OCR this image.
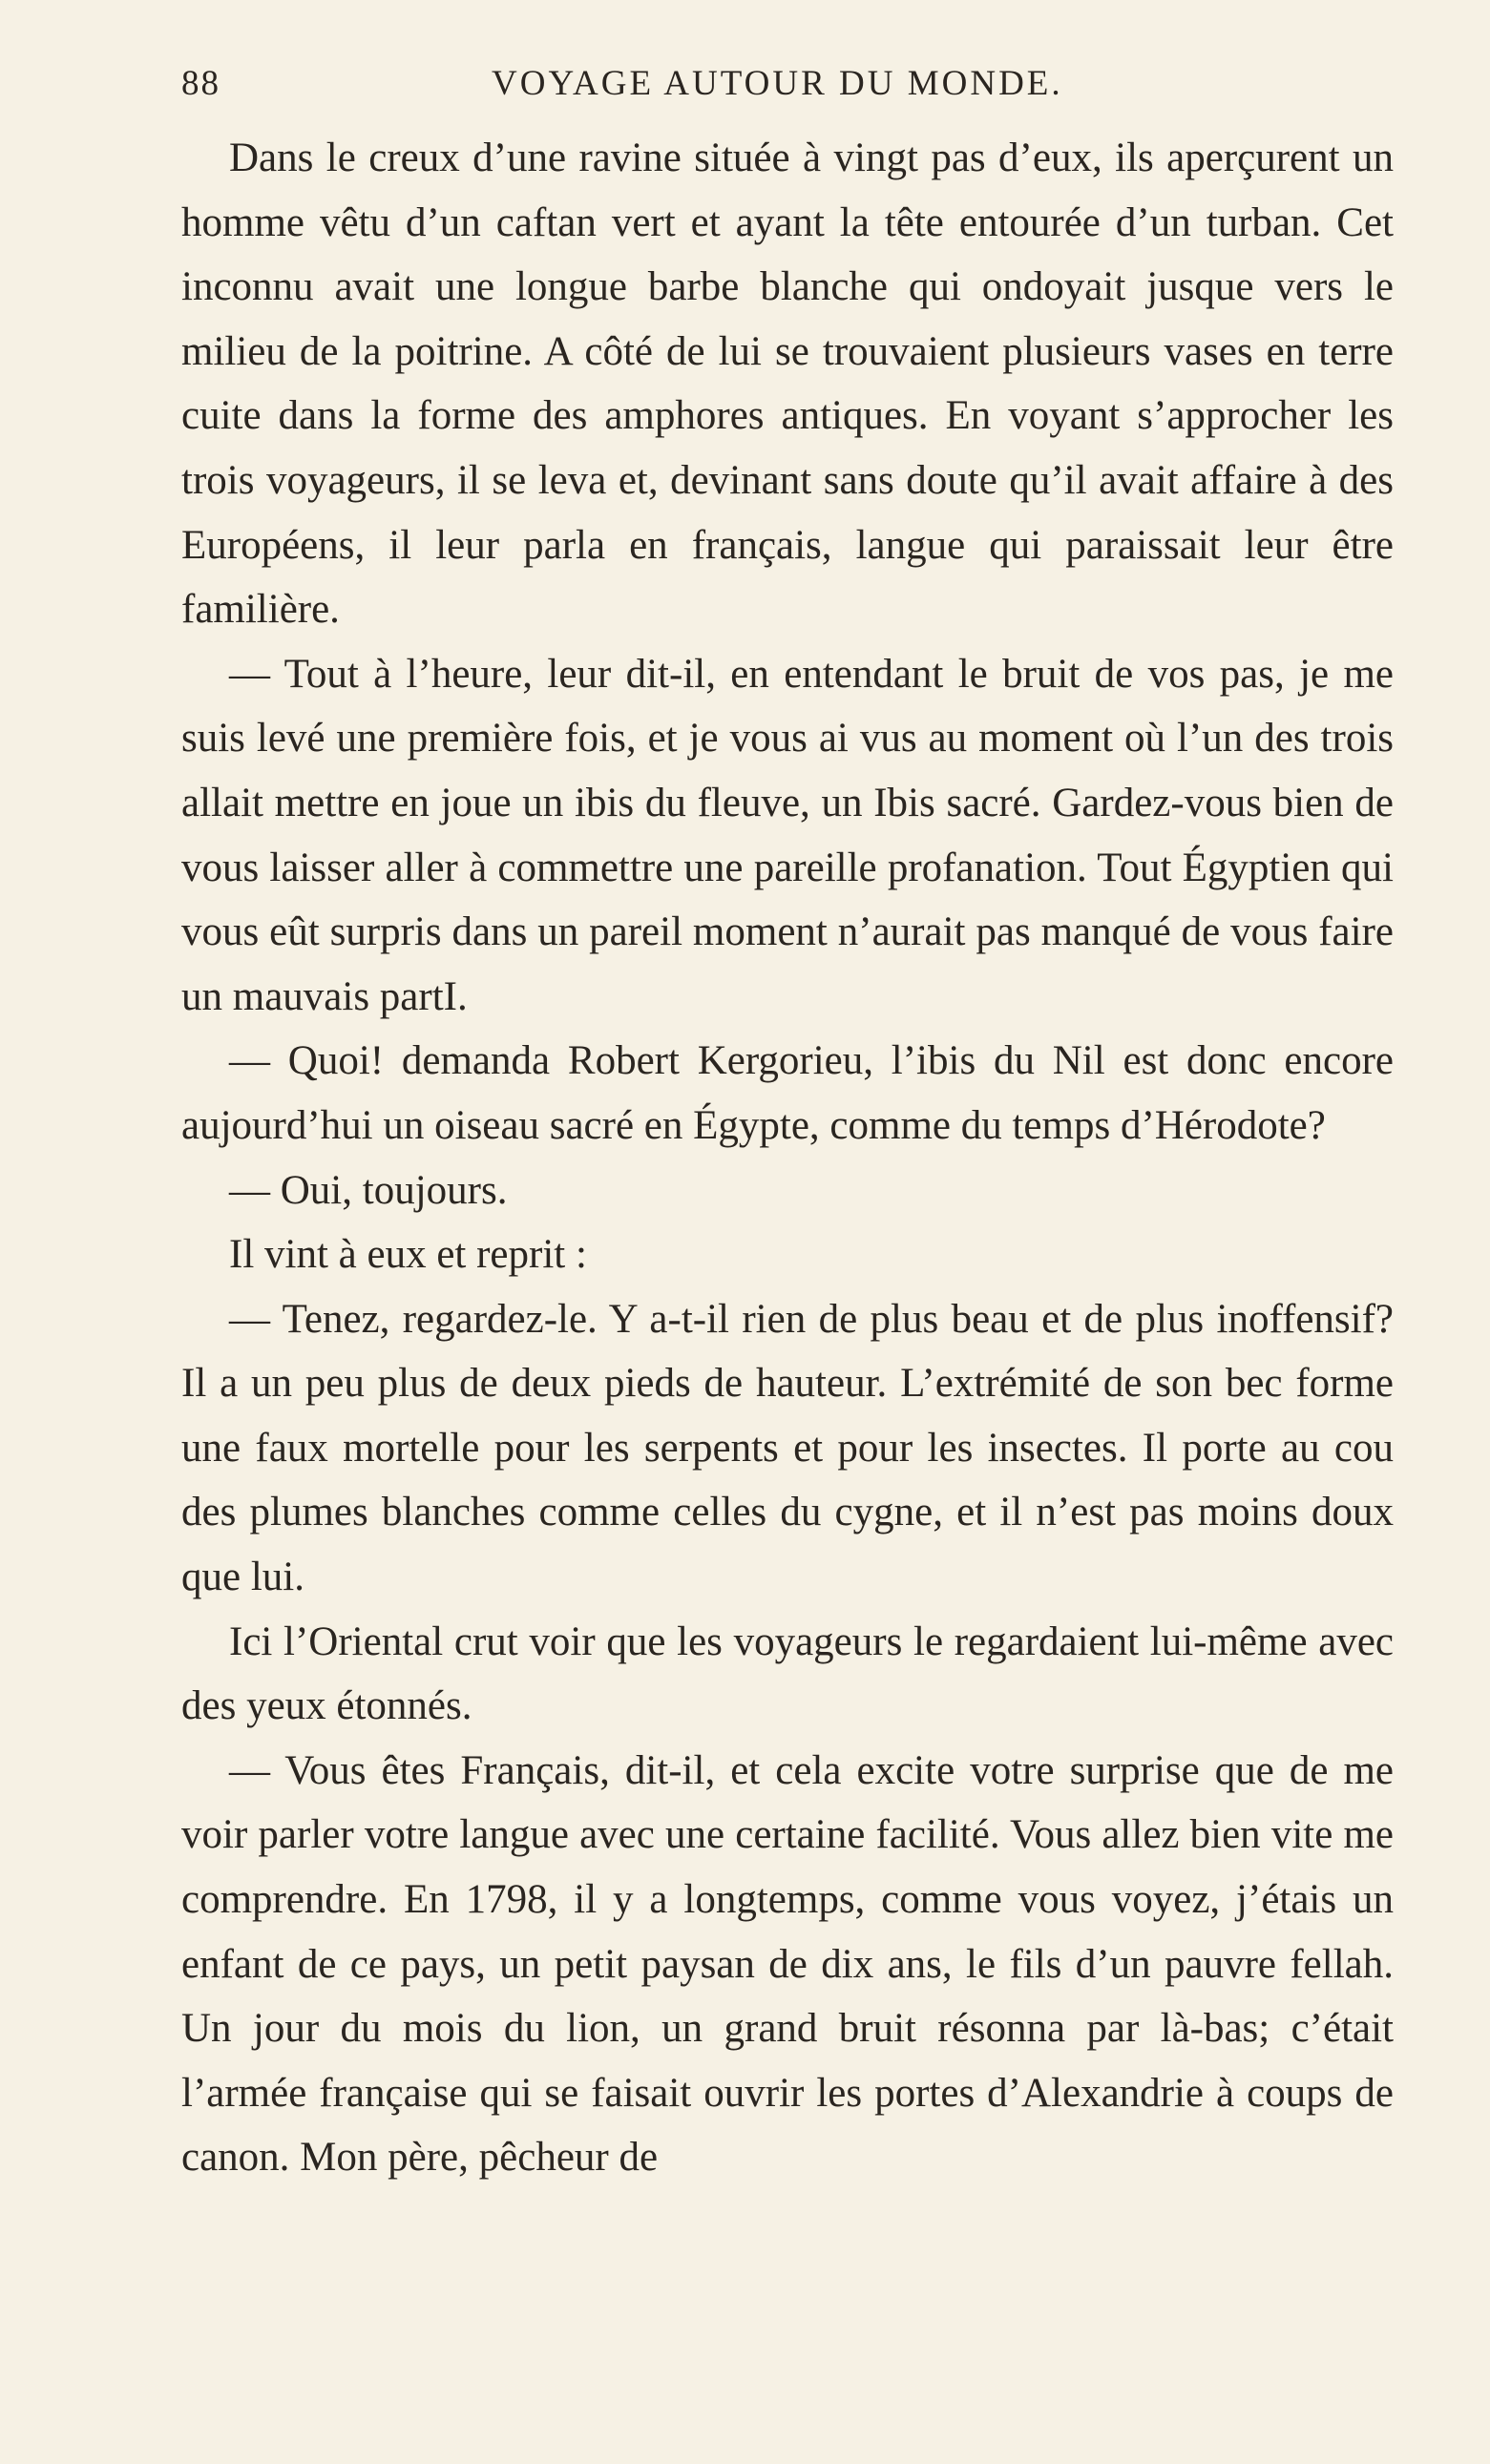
88	VOYAGE AUTOUR DU MONDE.

Dans le creux d’une ravine située à vingt pas d’eux, ils aperçurent un homme vêtu d’un caftan vert et ayant la tête entourée d’un turban. Cet inconnu avait une longue barbe blanche qui ondoyait jusque vers le milieu de la poitrine. A côté de lui se trouvaient plusieurs vases en terre cuite dans la forme des amphores antiques. En voyant s’approcher les trois voyageurs, il se leva et, devinant sans doute qu’il avait affaire à des Européens, il leur parla en français, langue qui paraissait leur être familière.

— Tout à l’heure, leur dit-il, en entendant le bruit de vos pas, je me suis levé une première fois, et je vous ai vus au moment où l’un des trois allait mettre en joue un ibis du fleuve, un Ibis sacré. Gardez-vous bien de vous laisser aller à commettre une pareille profanation. Tout Égyptien qui vous eût surpris dans un pareil moment n’aurait pas manqué de vous faire un mauvais partI.

— Quoi! demanda Robert Kergorieu, l’ibis du Nil est donc encore aujourd’hui un oiseau sacré en Égypte, comme du temps d’Hérodote?

— Oui, toujours.

Il vint à eux et reprit :

— Tenez, regardez-le. Y a-t-il rien de plus beau et de plus inoffensif? Il a un peu plus de deux pieds de hauteur. L’extrémité de son bec forme une faux mortelle pour les serpents et pour les insectes. Il porte au cou des plumes blanches comme celles du cygne, et il n’est pas moins doux que lui.

Ici l’Oriental crut voir que les voyageurs le regardaient lui-même avec des yeux étonnés.

— Vous êtes Français, dit-il, et cela excite votre surprise que de me voir parler votre langue avec une certaine facilité. Vous allez bien vite me comprendre. En 1798, il y a longtemps, comme vous voyez, j’étais un enfant de ce pays, un petit paysan de dix ans, le fils d’un pauvre fellah. Un jour du mois du lion, un grand bruit résonna par là-bas; c’était l’armée française qui se faisait ouvrir les portes d’Alexandrie à coups de canon. Mon père, pêcheur de
